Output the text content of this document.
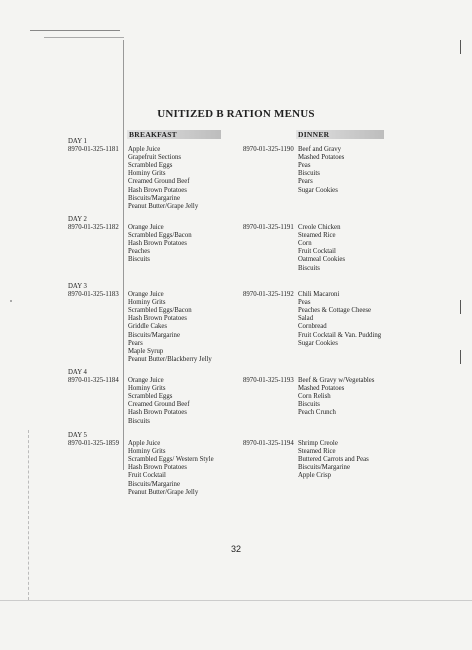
UNITIZED B RATION MENUS
BREAKFAST	DINNER
DAY 1
8970-01-325-1181 Apple Juice
Grapefruit Sections
Scrambled Eggs
Hominy Grits
Creamed Ground Beef
Hash Brown Potatoes
Biscuits/Margarine
Peanut Butter/Grape Jelly
8970-01-325-1190 Beef and Gravy
Mashed Potatoes
Peas
Biscuits
Pears
Sugar Cookies
DAY 2
8970-01-325-1182 Orange Juice
Scrambled Eggs/Bacon
Hash Brown Potatoes
Peaches
Biscuits
8970-01-325-1191 Creole Chicken
Steamed Rice
Corn
Fruit Cocktail
Oatmeal Cookies
Biscuits
DAY 3
8970-01-325-1183 Orange Juice
Hominy Grits
Scrambled Eggs/Bacon
Hash Brown Potatoes
Griddle Cakes
Biscuits/Margarine
Pears
Maple Syrup
Peanut Butter/Blackberry Jelly
8970-01-325-1192 Chili Macaroni
Peas
Peaches & Cottage Cheese
Salad
Cornbread
Fruit Cocktail & Van. Pudding
Sugar Cookies
DAY 4
8970-01-325-1184 Orange Juice
Hominy Grits
Scrambled Eggs
Creamed Ground Beef
Hash Brown Potatoes
Biscuits
8970-01-325-1193 Beef & Gravy w/Vegetables
Mashed Potatoes
Corn Relish
Biscuits
Peach Crunch
DAY 5
8970-01-325-1859 Apple Juice
Hominy Grits
Scrambled Eggs/ Western Style
Hash Brown Potatoes
Fruit Cocktail
Biscuits/Margarine
Peanut Butter/Grape Jelly
8970-01-325-1194 Shrimp Creole
Steamed Rice
Buttered Carrots and Peas
Biscuits/Margarine
Apple Crisp
32
